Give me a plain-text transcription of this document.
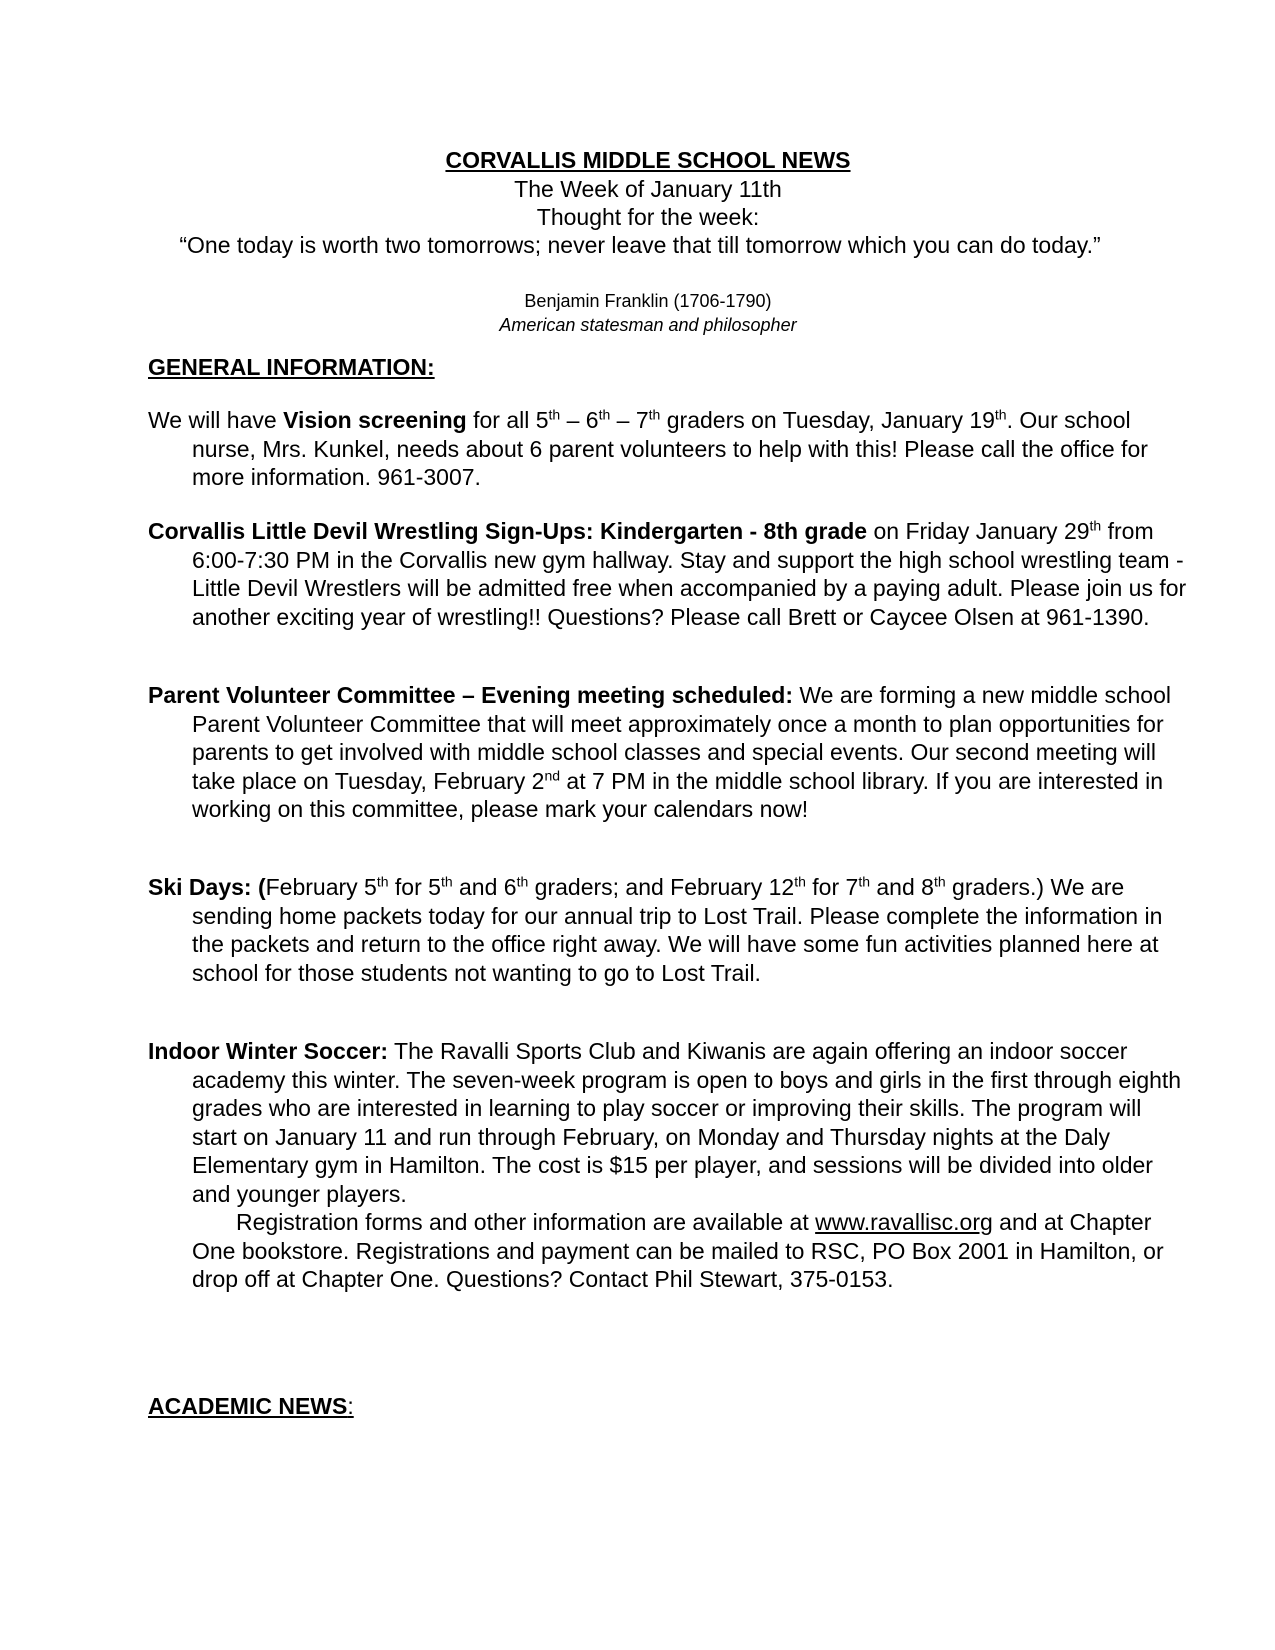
CORVALLIS MIDDLE SCHOOL NEWS
The Week of January 11th
Thought for the week:
“One today is worth two tomorrows; never leave that till tomorrow which you can do today.”
Benjamin Franklin (1706-1790)
American statesman and philosopher
GENERAL INFORMATION:
We will have Vision screening for all 5th – 6th – 7th graders on Tuesday, January 19th. Our school nurse, Mrs. Kunkel, needs about 6 parent volunteers to help with this! Please call the office for more information. 961-3007.
Corvallis Little Devil Wrestling Sign-Ups: Kindergarten - 8th grade on Friday January 29th from 6:00-7:30 PM in the Corvallis new gym hallway. Stay and support the high school wrestling team - Little Devil Wrestlers will be admitted free when accompanied by a paying adult. Please join us for another exciting year of wrestling!! Questions? Please call Brett or Caycee Olsen at 961-1390.
Parent Volunteer Committee – Evening meeting scheduled: We are forming a new middle school Parent Volunteer Committee that will meet approximately once a month to plan opportunities for parents to get involved with middle school classes and special events. Our second meeting will take place on Tuesday, February 2nd at 7 PM in the middle school library. If you are interested in working on this committee, please mark your calendars now!
Ski Days: (February 5th for 5th and 6th graders; and February 12th for 7th and 8th graders.) We are sending home packets today for our annual trip to Lost Trail. Please complete the information in the packets and return to the office right away. We will have some fun activities planned here at school for those students not wanting to go to Lost Trail.
Indoor Winter Soccer: The Ravalli Sports Club and Kiwanis are again offering an indoor soccer academy this winter. The seven-week program is open to boys and girls in the first through eighth grades who are interested in learning to play soccer or improving their skills. The program will start on January 11 and run through February, on Monday and Thursday nights at the Daly Elementary gym in Hamilton. The cost is $15 per player, and sessions will be divided into older and younger players.
Registration forms and other information are available at www.ravallisc.org and at Chapter One bookstore. Registrations and payment can be mailed to RSC, PO Box 2001 in Hamilton, or drop off at Chapter One. Questions? Contact Phil Stewart, 375-0153.
ACADEMIC NEWS:
